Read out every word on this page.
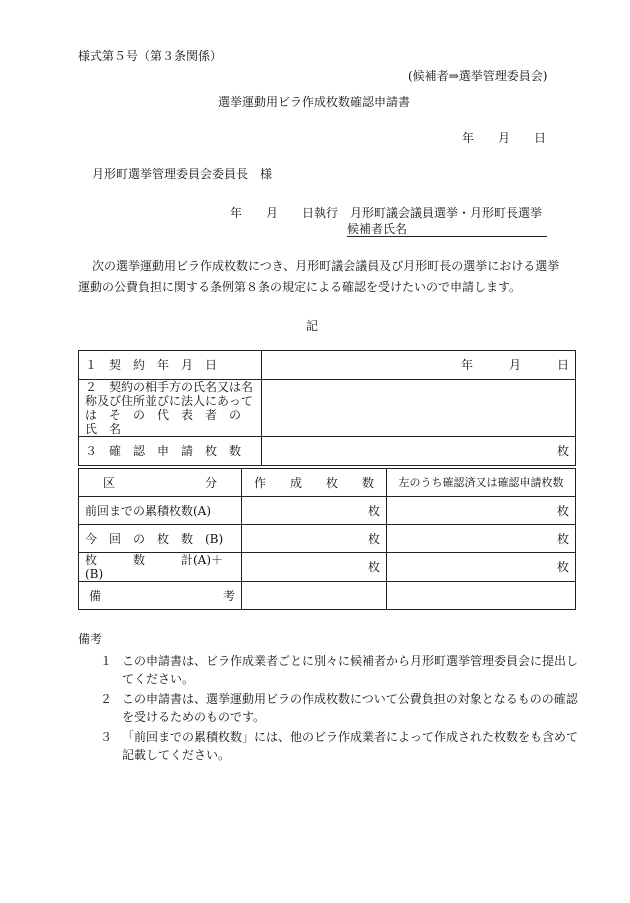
様式第５号（第３条関係）
(候補者⇒選挙管理委員会)
選挙運動用ビラ作成枚数確認申請書
年　　月　　日
月形町選挙管理委員会委員長　様
年　　月　　日執行　月形町議会議員選挙・月形町長選挙
候補者氏名
次の選挙運動用ビラ作成枚数につき、月形町議会議員及び月形町長の選挙における選挙
運動の公費負担に関する条例第８条の規定による確認を受けたいので申請します。
記
１　契　約　年　月　日	年　　　月　　　日

２　契約の相手方の氏名又は名
称及び住所並びに法人にあって
は　そ　の　代　表　者　の　氏　名	

３　確　認　申　請　枚　数	枚
区 分	作　　成　　枚　　数	左のうち確認済又は確認申請枚数
前回までの累積枚数(A)	枚	枚
今　回　の　枚　数　(B)	枚	枚
枚　　　数　　　計(A)＋(B)	枚	枚

備 考		

備考
１ この申請書は、ビラ作成業者ごとに別々に候補者から月形町選挙管理委員会に提出してください。
２ この申請書は、選挙運動用ビラの作成枚数について公費負担の対象となるものの確認を受けるためのものです。
３ 「前回までの累積枚数」には、他のビラ作成業者によって作成された枚数をも含めて記載してください。
